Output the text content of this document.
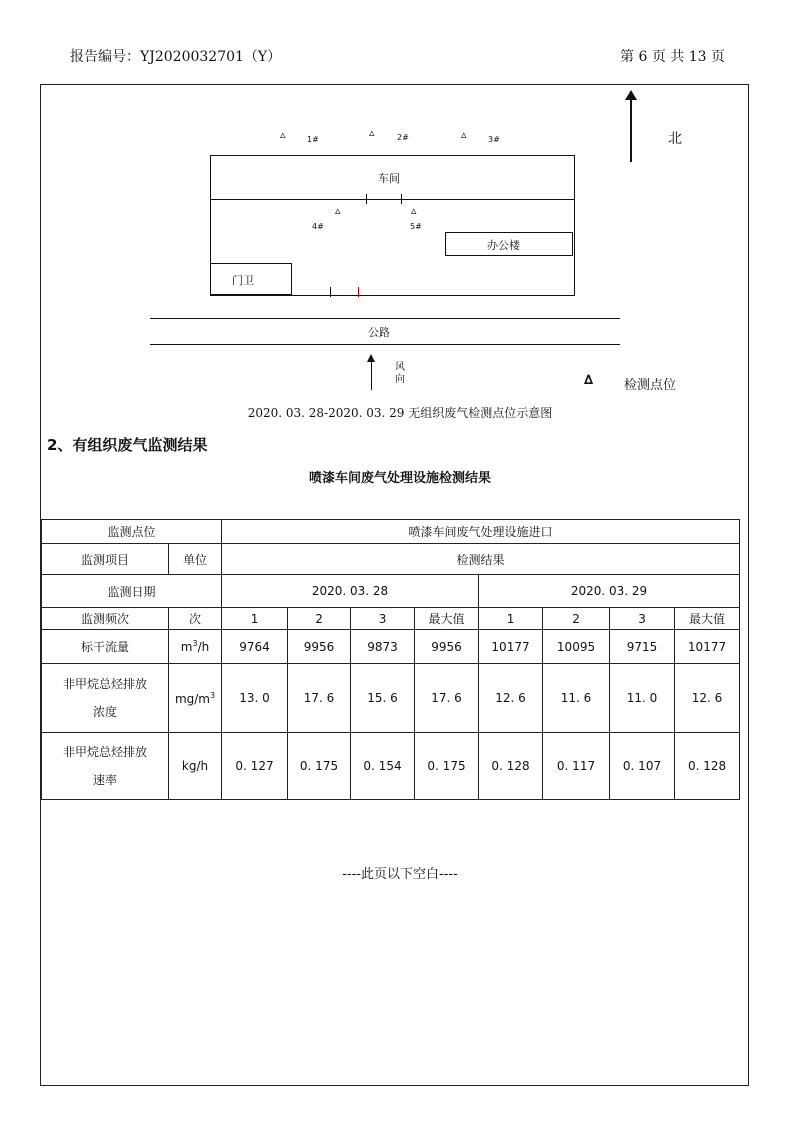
报告编号：YJ2020032701（Y）	第 6 页 共 13 页
北
▵	1#
▵	2#	▵	3#
车间
▵
4#
▵
5#
办公楼
门卫
公路
风向	∆ 检测点位
2020. 03. 28-2020. 03. 29 无组织废气检测点位示意图
2、有组织废气监测结果
喷漆车间废气处理设施检测结果
监测点位		喷漆车间废气处理设施进口							
监测项目	单位	检测结果							
监测日期		2020. 03. 28				2020. 03. 29			
监测频次	次	1	2	3	最大值	1	2	3	最大值
标干流量	$m^3/h$	9764	9956	9873	9956	10177	10095	9715	10177

非甲烷总烃排放
浓度	$mg/m^3$	13. 0	17. 6	15. 6	17. 6	12. 6	11. 6	11. 0	12. 6

非甲烷总烃排放
速率	kg/h	0. 127	0. 175	0. 154	0. 175	0. 128	0. 117	0. 107	0. 128
----此页以下空白----
